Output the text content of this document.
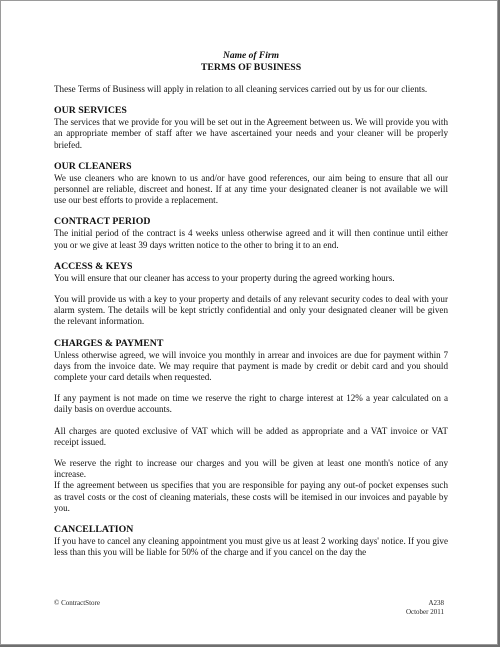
Name of Firm
TERMS OF BUSINESS

These Terms of Business will apply in relation to all cleaning services carried out by us for our clients.

OUR SERVICES

The services that we provide for you will be set out in the Agreement between us. We will provide you with an appropriate member of staff after we have ascertained your needs and your cleaner will be properly briefed.

OUR CLEANERS

We use cleaners who are known to us and/or have good references, our aim being to ensure that all our personnel are reliable, discreet and honest. If at any time your designated cleaner is not available we will use our best efforts to provide a replacement.

CONTRACT PERIOD

The initial period of the contract is 4 weeks unless otherwise agreed and it will then continue until either you or we give at least 39 days written notice to the other to bring it to an end.

ACCESS & KEYS

You will ensure that our cleaner has access to your property during the agreed working hours.

You will provide us with a key to your property and details of any relevant security codes to deal with your alarm system. The details will be kept strictly confidential and only your designated cleaner will be given the relevant information.

CHARGES & PAYMENT

Unless otherwise agreed, we will invoice you monthly in arrear and invoices are due for payment within 7 days from the invoice date. We may require that payment is made by credit or debit card and you should complete your card details when requested.

If any payment is not made on time we reserve the right to charge interest at 12% a year calculated on a daily basis on overdue accounts.

All charges are quoted exclusive of VAT which will be added as appropriate and a VAT invoice or VAT receipt issued.

We reserve the right to increase our charges and you will be given at least one month's notice of any increase.

If the agreement between us specifies that you are responsible for paying any out-of pocket expenses such as travel costs or the cost of cleaning materials, these costs will be itemised in our invoices and payable by you.

CANCELLATION

If you have to cancel any cleaning appointment you must give us at least 2 working days' notice. If you give less than this you will be liable for 50% of the charge and if you cancel on the day the

© ContractStore	A238
October 2011
